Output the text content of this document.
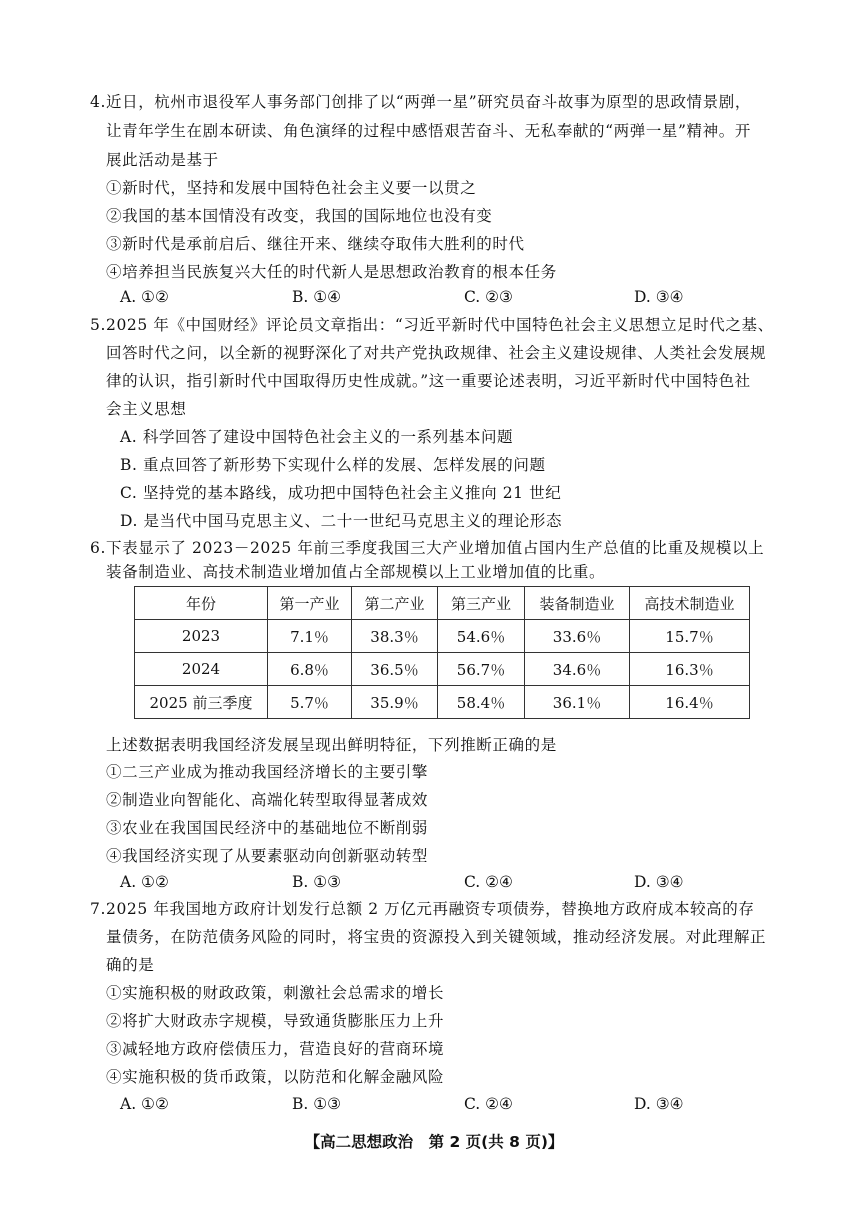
4.近日，杭州市退役军人事务部门创排了以“两弹一星”研究员奋斗故事为原型的思政情景剧，
让青年学生在剧本研读、角色演绎的过程中感悟艰苦奋斗、无私奉献的“两弹一星”精神。开
展此活动是基于
①新时代，坚持和发展中国特色社会主义要一以贯之
②我国的基本国情没有改变，我国的国际地位也没有变
③新时代是承前启后、继往开来、继续夺取伟大胜利的时代
④培养担当民族复兴大任的时代新人是思想政治教育的根本任务
A. ①②	B. ①④	C. ②③	D. ③④
5.2025 年《中国财经》评论员文章指出：“习近平新时代中国特色社会主义思想立足时代之基、
回答时代之问，以全新的视野深化了对共产党执政规律、社会主义建设规律、人类社会发展规
律的认识，指引新时代中国取得历史性成就。”这一重要论述表明，习近平新时代中国特色社
会主义思想
A. 科学回答了建设中国特色社会主义的一系列基本问题
B. 重点回答了新形势下实现什么样的发展、怎样发展的问题
C. 坚持党的基本路线，成功把中国特色社会主义推向 21 世纪
D. 是当代中国马克思主义、二十一世纪马克思主义的理论形态
6.下表显示了 2023－2025 年前三季度我国三大产业增加值占国内生产总值的比重及规模以上
装备制造业、高技术制造业增加值占全部规模以上工业增加值的比重。
年份	第一产业	第二产业	第三产业	装备制造业	高技术制造业
2023	7.1％	38.3％	54.6％	33.6％	15.7％
2024	6.8％	36.5％	56.7％	34.6％	16.3％
2025 前三季度	5.7％	35.9％	58.4％	36.1％	16.4％
上述数据表明我国经济发展呈现出鲜明特征，下列推断正确的是
①二三产业成为推动我国经济增长的主要引擎
②制造业向智能化、高端化转型取得显著成效
③农业在我国国民经济中的基础地位不断削弱
④我国经济实现了从要素驱动向创新驱动转型
A. ①②	B. ①③	C. ②④	D. ③④
7.2025 年我国地方政府计划发行总额 2 万亿元再融资专项债券，替换地方政府成本较高的存
量债务，在防范债务风险的同时，将宝贵的资源投入到关键领域，推动经济发展。对此理解正
确的是
①实施积极的财政政策，刺激社会总需求的增长
②将扩大财政赤字规模，导致通货膨胀压力上升
③减轻地方政府偿债压力，营造良好的营商环境
④实施积极的货币政策，以防范和化解金融风险
A. ①②	B. ①③	C. ②④	D. ③④
【高二思想政治　第 2 页(共 8 页)】
